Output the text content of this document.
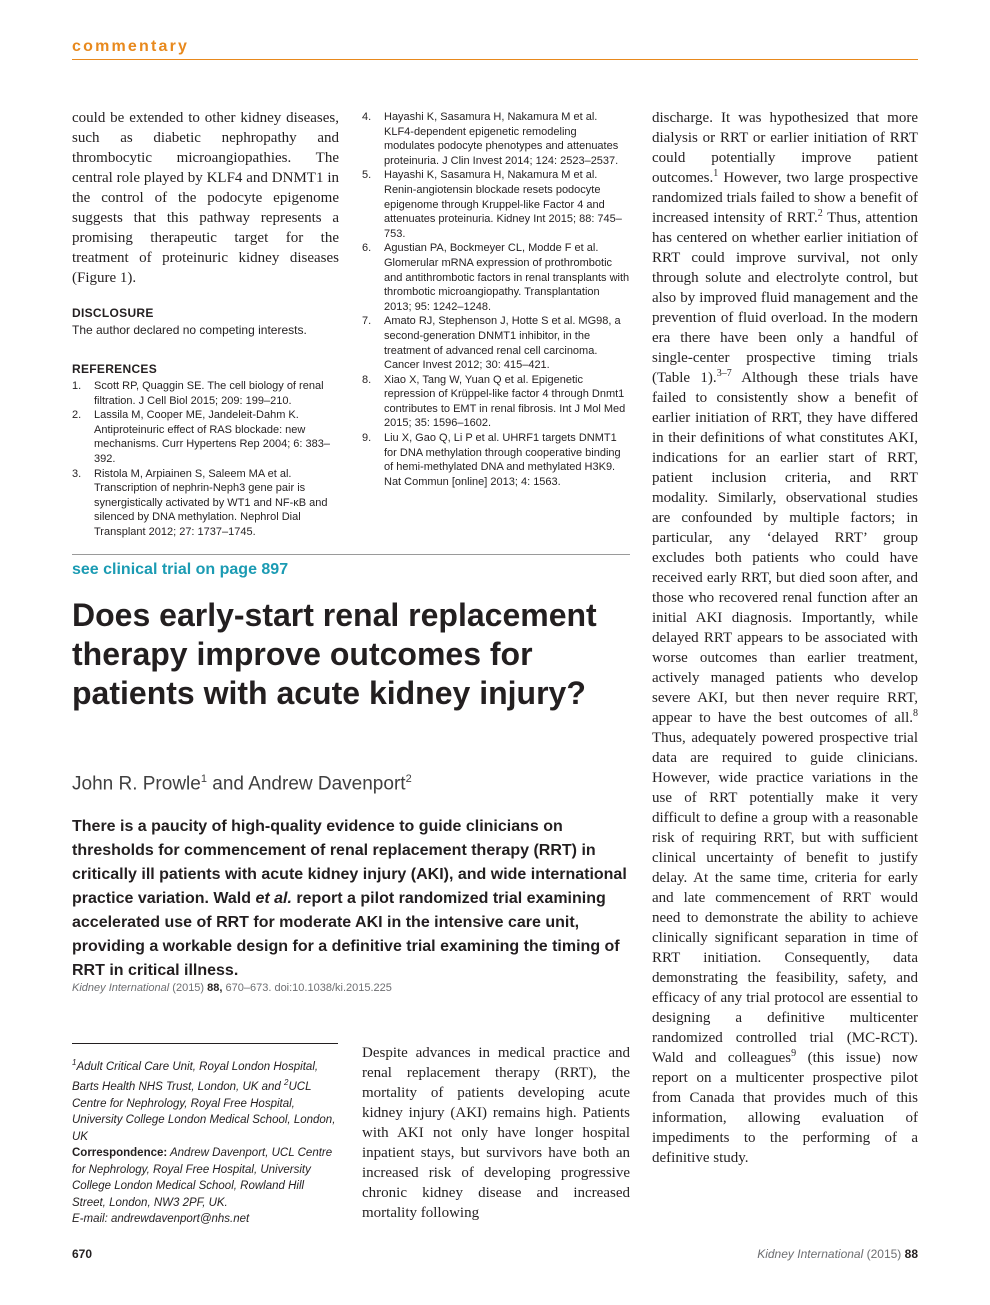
commentary

could be extended to other kidney diseases, such as diabetic nephropathy and thrombocytic microangiopathies. The central role played by KLF4 and DNMT1 in the control of the podocyte epigenome suggests that this pathway represents a promising therapeutic target for the treatment of proteinuric kidney diseases (Figure 1).

DISCLOSURE
The author declared no competing interests.
REFERENCES
1. Scott RP, Quaggin SE. The cell biology of renal filtration. J Cell Biol 2015; 209: 199–210.
2. Lassila M, Cooper ME, Jandeleit-Dahm K. Antiproteinuric effect of RAS blockade: new mechanisms. Curr Hypertens Rep 2004; 6: 383–392.
3. Ristola M, Arpiainen S, Saleem MA et al. Transcription of nephrin-Neph3 gene pair is synergistically activated by WT1 and NF-κB and silenced by DNA methylation. Nephrol Dial Transplant 2012; 27: 1737–1745.
4. Hayashi K, Sasamura H, Nakamura M et al. KLF4-dependent epigenetic remodeling modulates podocyte phenotypes and attenuates proteinuria. J Clin Invest 2014; 124: 2523–2537.
5. Hayashi K, Sasamura H, Nakamura M et al. Renin-angiotensin blockade resets podocyte epigenome through Kruppel-like Factor 4 and attenuates proteinuria. Kidney Int 2015; 88: 745–753.
6. Agustian PA, Bockmeyer CL, Modde F et al. Glomerular mRNA expression of prothrombotic and antithrombotic factors in renal transplants with thrombotic microangiopathy. Transplantation 2013; 95: 1242–1248.
7. Amato RJ, Stephenson J, Hotte S et al. MG98, a second-generation DNMT1 inhibitor, in the treatment of advanced renal cell carcinoma. Cancer Invest 2012; 30: 415–421.
8. Xiao X, Tang W, Yuan Q et al. Epigenetic repression of Krüppel-like factor 4 through Dnmt1 contributes to EMT in renal fibrosis. Int J Mol Med 2015; 35: 1596–1602.
9. Liu X, Gao Q, Li P et al. UHRF1 targets DNMT1 for DNA methylation through cooperative binding of hemi-methylated DNA and methylated H3K9. Nat Commun [online] 2013; 4: 1563.
see clinical trial on page 897
Does early-start renal replacement therapy improve outcomes for patients with acute kidney injury?
John R. Prowle$^1$ and Andrew Davenport$^2$
There is a paucity of high-quality evidence to guide clinicians on thresholds for commencement of renal replacement therapy (RRT) in critically ill patients with acute kidney injury (AKI), and wide international practice variation. Wald et al. report a pilot randomized trial examining accelerated use of RRT for moderate AKI in the intensive care unit, providing a workable design for a definitive trial examining the timing of RRT in critical illness.
Kidney International (2015) 88, 670–673. doi:10.1038/ki.2015.225
$^1$Adult Critical Care Unit, Royal London Hospital, Barts Health NHS Trust, London, UK and $^2$UCL Centre for Nephrology, Royal Free Hospital, University College London Medical School, London, UK
Correspondence: Andrew Davenport, UCL Centre for Nephrology, Royal Free Hospital, University College London Medical School, Rowland Hill Street, London, NW3 2PF, UK.
E-mail: andrewdavenport@nhs.net

Despite advances in medical practice and renal replacement therapy (RRT), the mortality of patients developing acute kidney injury (AKI) remains high. Patients with AKI not only have longer hospital inpatient stays, but survivors have both an increased risk of developing progressive chronic kidney disease and increased mortality following

discharge. It was hypothesized that more dialysis or RRT or earlier initiation of RRT could potentially improve patient outcomes.$^1$ However, two large prospective randomized trials failed to show a benefit of increased intensity of RRT.$^2$ Thus, attention has centered on whether earlier initiation of RRT could improve survival, not only through solute and electrolyte control, but also by improved fluid management and the prevention of fluid overload. In the modern era there have been only a handful of single-center prospective timing trials (Table 1).$^{3-7}$ Although these trials have failed to consistently show a benefit of earlier initiation of RRT, they have differed in their definitions of what constitutes AKI, indications for an earlier start of RRT, patient inclusion criteria, and RRT modality. Similarly, observational studies are confounded by multiple factors; in particular, any ‘delayed RRT’ group excludes both patients who could have received early RRT, but died soon after, and those who recovered renal function after an initial AKI diagnosis. Importantly, while delayed RRT appears to be associated with worse outcomes than earlier treatment, actively managed patients who develop severe AKI, but then never require RRT, appear to have the best outcomes of all.$^8$ Thus, adequately powered prospective trial data are required to guide clinicians. However, wide practice variations in the use of RRT potentially make it very difficult to define a group with a reasonable risk of requiring RRT, but with sufficient clinical uncertainty of benefit to justify delay. At the same time, criteria for early and late commencement of RRT would need to demonstrate the ability to achieve clinically significant separation in time of RRT initiation. Consequently, data demonstrating the feasibility, safety, and efficacy of any trial protocol are essential to designing a definitive multicenter randomized controlled trial (MC-RCT). Wald and colleagues$^9$ (this issue) now report on a multicenter prospective pilot from Canada that provides much of this information, allowing evaluation of impediments to the performing of a definitive study.

670	Kidney International (2015) 88
